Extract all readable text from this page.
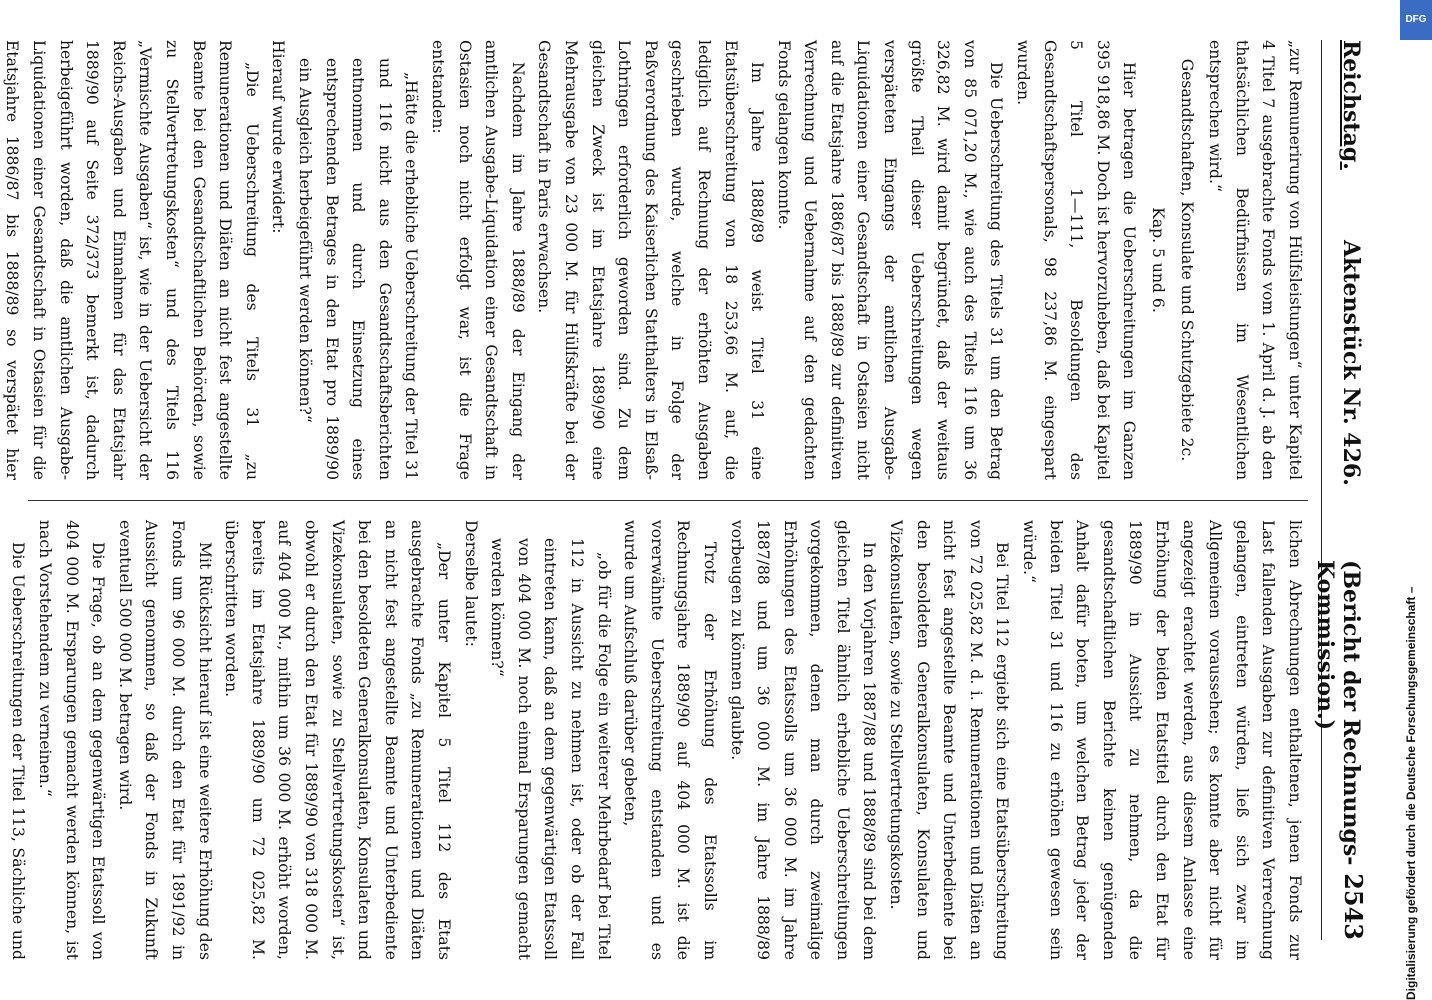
Reichstag.
Aktenstück Nr. 426.
(Bericht der Rechnungs-Kommission.)
2543

„zur Remunerirung von Hülfsleistungen“ unter Kapitel 4 Titel 7 ausgebrachte Fonds vom 1. April d. J. ab den thatsächlichen Bedürfnissen im Wesentlichen entsprechen wird.“

Gesandtschaften, Konsulate und Schutzgebiete 2c.
Kap. 5 und 6.

Hier betragen die Ueberschreitungen im Ganzen 395 918,86 M. Doch ist hervorzuheben, daß bei Kapitel 5 Titel 1—111, Besoldungen des Gesandtschaftspersonals, 98 237,86 M. eingespart wurden.

Die Ueberschreitung des Titels 31 um den Betrag von 85 071,20 M., wie auch des Titels 116 um 36 326,82 M. wird damit begründet, daß der weitaus größte Theil dieser Ueberschreitungen wegen verspäteten Eingangs der amtlichen Ausgabe-Liquidationen einer Gesandtschaft in Ostasien nicht auf die Etatsjahre 1886/87 bis 1888/89 zur definitiven Verrechnung und Uebernahme auf den gedachten Fonds gelangen konnte.

Im Jahre 1888/89 weist Titel 31 eine Etatsüberschreitung von 18 253,66 M. auf, die lediglich auf Rechnung der erhöhten Ausgaben geschrieben wurde, welche in Folge der Paßverordnung des Kaiserlichen Statthalters in Elsaß-Lothringen erforderlich geworden sind. Zu dem gleichen Zweck ist im Etatsjahre 1889/90 eine Mehrausgabe von 23 000 M. für Hülfskräfte bei der Gesandtschaft in Paris erwachsen.

Nachdem im Jahre 1888/89 der Eingang der amtlichen Ausgabe-Liquidation einer Gesandtschaft in Ostasien noch nicht erfolgt war, ist die Frage entstanden:

„Hätte die erhebliche Ueberschreitung der Titel 31 und 116 nicht aus den Gesandtschaftsberichten entnommen und durch Einsetzung eines entsprechenden Betrages in den Etat pro 1889/90 ein Ausgleich herbeigeführt werden können?“

Hierauf wurde erwidert:

„Die Ueberschreitung des Titels 31 „zu Remunerationen und Diäten an nicht fest angestellte Beamte bei den Gesandtschaftlichen Behörden, sowie zu Stellvertretungskosten“ und des Titels 116 „Vermischte Ausgaben“ ist, wie in der Uebersicht der Reichs-Ausgaben und Einnahmen für das Etatsjahr 1889/90 auf Seite 372/373 bemerkt ist, dadurch herbeigeführt worden, daß die amtlichen Ausgabe-Liquidationen einer Gesandtschaft in Ostasien für die Etatsjahre 1886/87 bis 1888/89 so verspätet hier

lichen Abrechnungen enthaltenen, jenen Fonds zur Last fallenden Ausgaben zur definitiven Verrechnung gelangen, eintreten würden, ließ sich zwar im Allgemeinen voraussehen; es konnte aber nicht für angezeigt erachtet werden, aus diesem Anlasse eine Erhöhung der beiden Etatstitel durch den Etat für 1889/90 in Aussicht zu nehmen, da die gesandtschaftlichen Berichte keinen genügenden Anhalt dafür boten, um welchen Betrag jeder der beiden Titel 31 und 116 zu erhöhen gewesen sein würde.“

Bei Titel 112 ergiebt sich eine Etatsüberschreitung von 72 025,82 M. d. i. Remunerationen und Diäten an nicht fest angestellte Beamte und Unterbediente bei den besoldeten Generalkonsulaten, Konsulaten und Vizekonsulaten, sowie zu Stellvertretungskosten.

In den Vorjahren 1887/88 und 1888/89 sind bei dem gleichen Titel ähnlich erhebliche Ueberschreitungen vorgekommen, denen man durch zweimalige Erhöhungen des Etatssolls um 36 000 M. im Jahre 1887/88 und um 36 000 M. im Jahre 1888/89 vorbeugen zu können glaubte.

Trotz der Erhöhung des Etatssolls im Rechnungsjahre 1889/90 auf 404 000 M. ist die vorerwähnte Ueberschreitung entstanden und es wurde um Aufschluß darüber gebeten,

„ob für die Folge ein weiterer Mehrbedarf bei Titel 112 in Aussicht zu nehmen ist, oder ob der Fall eintreten kann, daß an dem gegenwärtigen Etatssoll von 404 000 M. noch einmal Ersparungen gemacht werden können?“

Derselbe lautet:

„Der unter Kapitel 5 Titel 112 des Etats ausgebrachte Fonds „zu Remunerationen und Diäten an nicht fest angestellte Beamte und Unterbediente bei den besoldeten Generalkonsulaten, Konsulaten und Vizekonsulaten, sowie zu Stellvertretungskosten“ ist, obwohl er durch den Etat für 1889/90 von 318 000 M. auf 404 000 M., mithin um 36 000 M. erhöht worden, bereits im Etatsjahre 1889/90 um 72 025,82 M. überschritten worden.

Mit Rücksicht hierauf ist eine weitere Erhöhung des Fonds um 96 000 M. durch den Etat für 1891/92 in Aussicht genommen, so daß der Fonds in Zukunft eventuell 500 000 M. betragen wird.

Die Frage, ob an dem gegenwärtigen Etatssoll von 404 000 M. Ersparungen gemacht werden können, ist nach Vorstehendem zu verneinen.“

Die Ueberschreitungen der Titel 113, Sächliche und

DFG
Digitalisierung gefördert durch die Deutsche Forschungsgemeinschaft –
